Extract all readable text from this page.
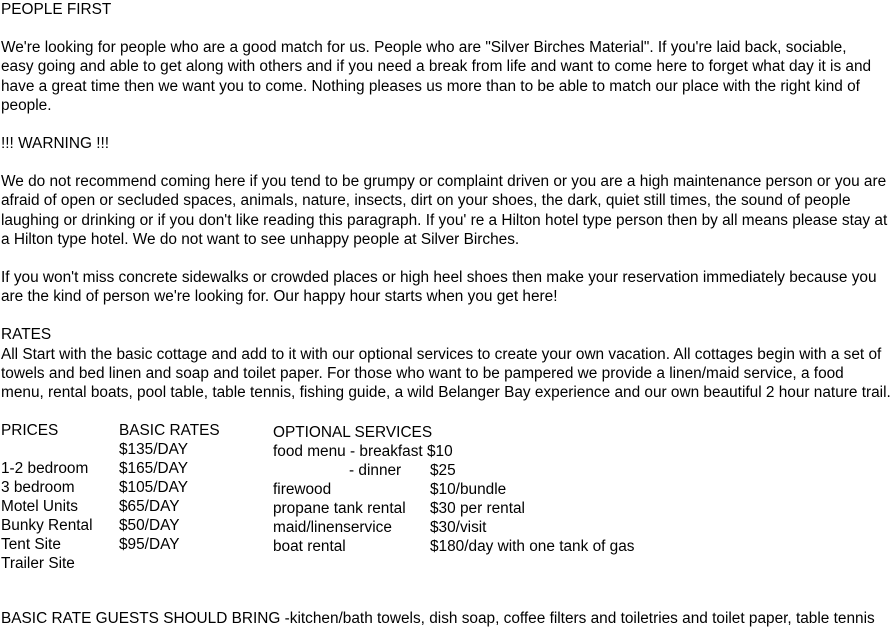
PEOPLE FIRST

We're looking for people who are a good match for us. People who are "Silver Birches Material". If you're laid back, sociable,
easy going and able to get along with others and if you need a break from life and want to come here to forget what day it is and
have a great time then we want you to come. Nothing pleases us more than to be able to match our place with the right kind of
people.

!!! WARNING !!!

We do not recommend coming here if you tend to be grumpy or complaint driven or you are a high maintenance person or you are
afraid of open or secluded spaces, animals, nature, insects, dirt on your shoes, the dark, quiet still times, the sound of people
laughing or drinking or if you don't like reading this paragraph. If you' re a Hilton hotel type person then by all means please stay at
a Hilton type hotel. We do not want to see unhappy people at Silver Birches.

If you won't miss concrete sidewalks or crowded places or high heel shoes then make your reservation immediately because you
are the kind of person we're looking for. Our happy hour starts when you get here!

RATES

All Start with the basic cottage and add to it with our optional services to create your own vacation. All cottages begin with a set of
towels and bed linen and soap and toilet paper. For those who want to be pampered we provide a linen/maid service, a food
menu, rental boats, pool table, table tennis, fishing guide, a wild Belanger Bay experience and our own beautiful 2 hour nature trail.

PRICES
1-2 bedroom
3 bedroom
Motel Units
Bunky Rental
Tent Site
Trailer Site
BASIC RATES
$135/DAY
$165/DAY
$105/DAY
$65/DAY
$50/DAY
$95/DAY
OPTIONAL SERVICES
food menu - breakfast $10
- dinner $25
firewood	$10/bundle
propane tank rental $30 per rental
maid/linenservice $30/visit
boat rental	$180/day with one tank of gas

BASIC RATE GUESTS SHOULD BRING -kitchen/bath towels, dish soap, coffee filters and toiletries and toilet paper, table tennis
